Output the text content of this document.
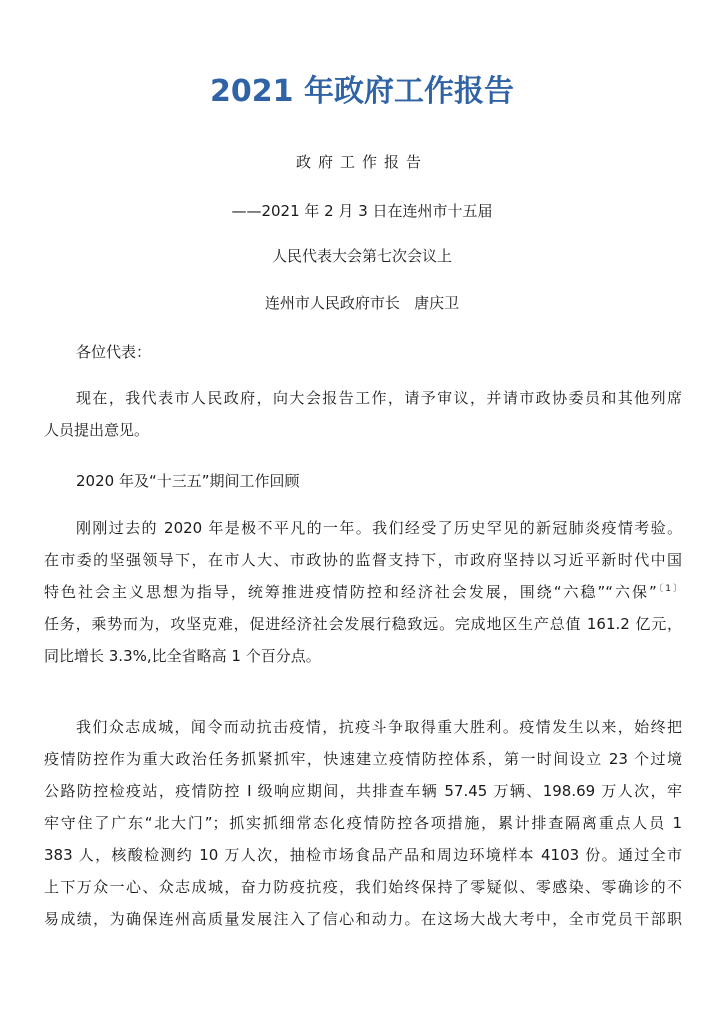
2021 年政府工作报告

政府工作报告

——2021 年 2 月 3 日在连州市十五届

人民代表大会第七次会议上

连州市人民政府市长   唐庆卫

各位代表：
现在，我代表市人民政府，向大会报告工作，请予审议，并请市政协委员和其他列席
人员提出意见。
2020 年及“十三五”期间工作回顾
刚刚过去的 2020 年是极不平凡的一年。我们经受了历史罕见的新冠肺炎疫情考验。
在市委的坚强领导下，在市人大、市政协的监督支持下，市政府坚持以习近平新时代中国
特色社会主义思想为指导，统筹推进疫情防控和经济社会发展，围绕“六稳”“六保”$^{〔1〕}$
任务，乘势而为，攻坚克难，促进经济社会发展行稳致远。完成地区生产总值 161.2 亿元，
同比增长 3.3%,比全省略高 1 个百分点。
我们众志成城，闻令而动抗击疫情，抗疫斗争取得重大胜利。疫情发生以来，始终把
疫情防控作为重大政治任务抓紧抓牢，快速建立疫情防控体系，第一时间设立 23 个过境
公路防控检疫站，疫情防控 I 级响应期间，共排查车辆 57.45 万辆、198.69 万人次，牢
牢守住了广东“北大门”；抓实抓细常态化疫情防控各项措施，累计排查隔离重点人员 1
383 人，核酸检测约 10 万人次，抽检市场食品产品和周边环境样本 4103 份。通过全市
上下万众一心、众志成城，奋力防疫抗疫，我们始终保持了零疑似、零感染、零确诊的不
易成绩，为确保连州高质量发展注入了信心和动力。在这场大战大考中，全市党员干部职
